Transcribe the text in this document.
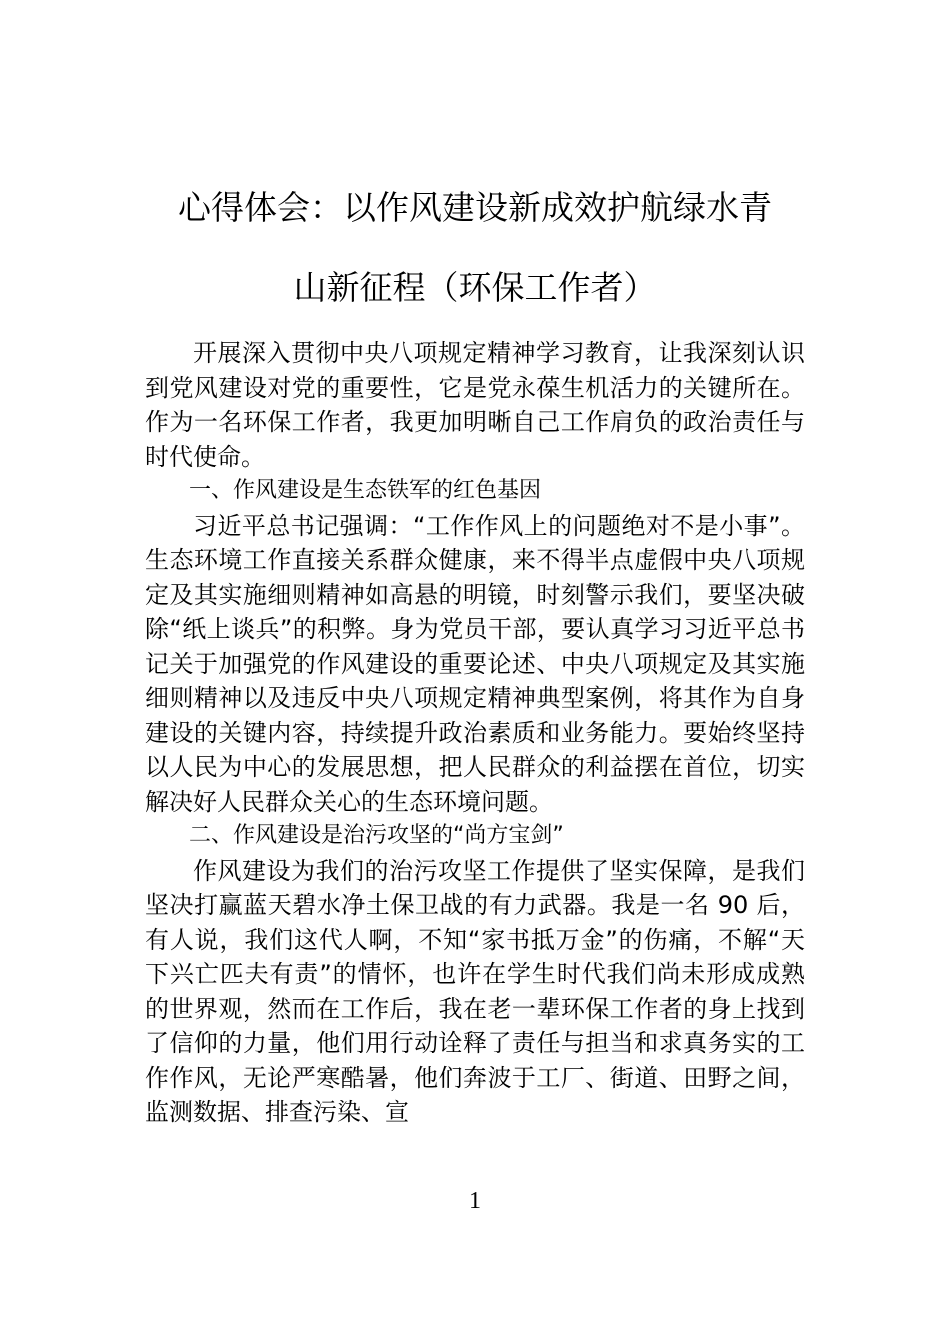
心得体会：以作风建设新成效护航绿水青
山新征程（环保工作者）

开展深入贯彻中央八项规定精神学习教育，让我深刻认识到党风建设对党的重要性，它是党永葆生机活力的关键所在。作为一名环保工作者，我更加明晰自己工作肩负的政治责任与时代使命。

一、作风建设是生态铁军的红色基因

习近平总书记强调：“工作作风上的问题绝对不是小事”。生态环境工作直接关系群众健康，来不得半点虚假中央八项规定及其实施细则精神如高悬的明镜，时刻警示我们，要坚决破除“纸上谈兵”的积弊。身为党员干部，要认真学习习近平总书记关于加强党的作风建设的重要论述、中央八项规定及其实施细则精神以及违反中央八项规定精神典型案例，将其作为自身建设的关键内容，持续提升政治素质和业务能力。要始终坚持以人民为中心的发展思想，把人民群众的利益摆在首位，切实解决好人民群众关心的生态环境问题。

二、作风建设是治污攻坚的“尚方宝剑”

作风建设为我们的治污攻坚工作提供了坚实保障，是我们坚决打赢蓝天碧水净土保卫战的有力武器。我是一名 90 后，有人说，我们这代人啊，不知“家书抵万金”的伤痛，不解“天下兴亡匹夫有责”的情怀，也许在学生时代我们尚未形成成熟的世界观，然而在工作后，我在老一辈环保工作者的身上找到了信仰的力量，他们用行动诠释了责任与担当和求真务实的工作作风，无论严寒酷暑，他们奔波于工厂、街道、田野之间，监测数据、排查污染、宣

1
